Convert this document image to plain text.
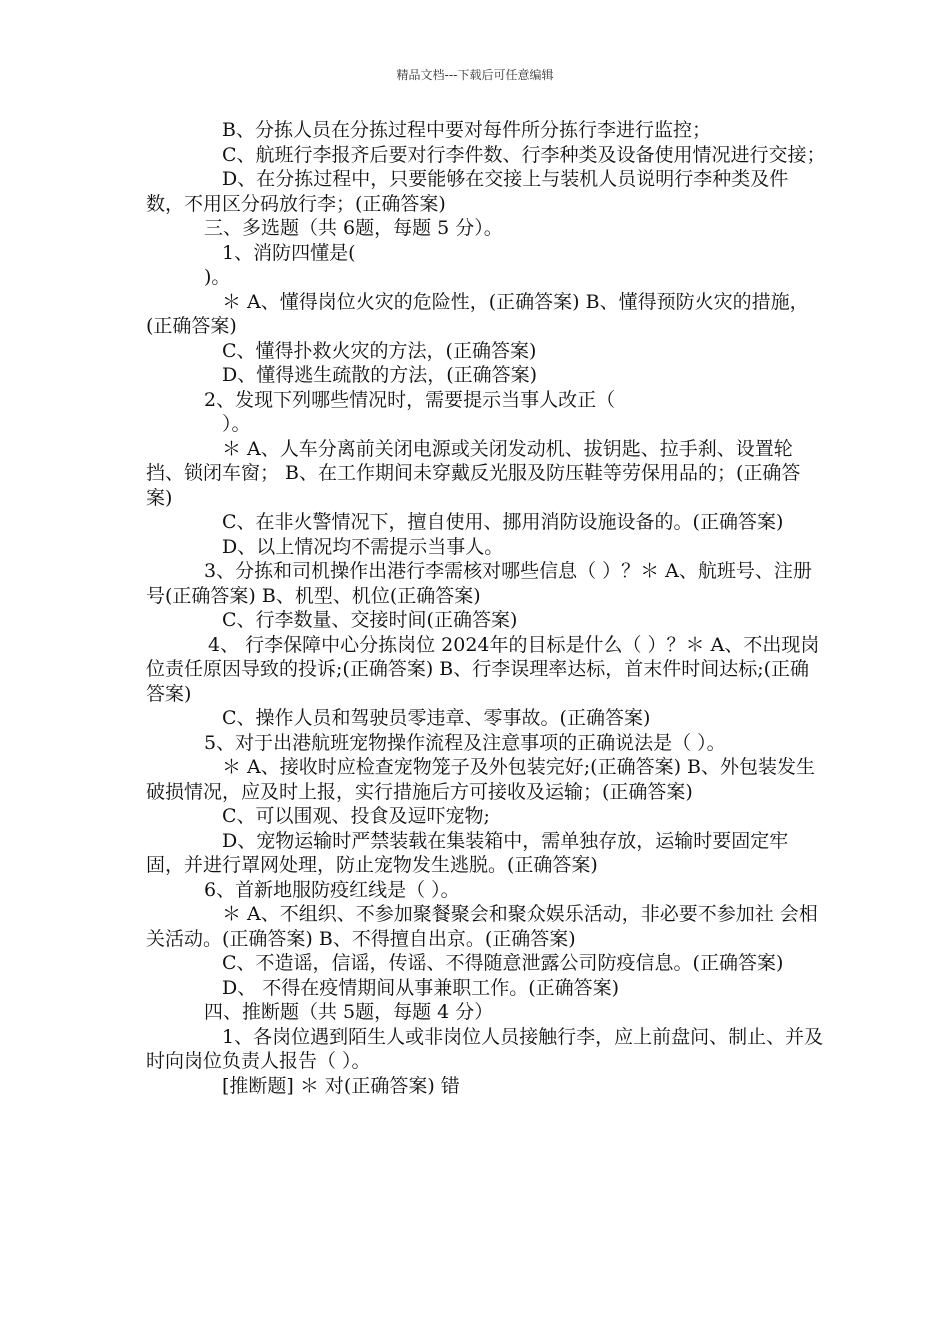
精品文档---下载后可任意编辑

B、分拣人员在分拣过程中要对每件所分拣行李进行监控；

C、航班行李报齐后要对行李件数、行李种类及设备使用情况进行交接；

D、在分拣过程中，只要能够在交接上与装机人员说明行李种类及件数，不用区分码放行李；(正确答案)

三、多选题（共 6题，每题 5 分）。

1、消防四懂是(

)。

＊ A、懂得岗位火灾的危险性，(正确答案) B、懂得预防火灾的措施，(正确答案)

C、懂得扑救火灾的方法，(正确答案)

D、懂得逃生疏散的方法，(正确答案)

2、发现下列哪些情况时，需要提示当事人改正（

）。

＊ A、人车分离前关闭电源或关闭发动机、拔钥匙、拉手刹、设置轮挡、锁闭车窗； B、在工作期间未穿戴反光服及防压鞋等劳保用品的；(正确答案)

C、在非火警情况下，擅自使用、挪用消防设施设备的。(正确答案)

D、以上情况均不需提示当事人。

3、分拣和司机操作出港行李需核对哪些信息（ ）？＊ A、航班号、注册号(正确答案) B、机型、机位(正确答案)

C、行李数量、交接时间(正确答案)

4、 行李保障中心分拣岗位 2024年的目标是什么（ ）？＊ A、不出现岗位责任原因导致的投诉;(正确答案) B、行李误理率达标，首末件时间达标;(正确答案)

C、操作人员和驾驶员零违章、零事故。(正确答案)

5、对于出港航班宠物操作流程及注意事项的正确说法是（ ）。

＊ A、接收时应检查宠物笼子及外包装完好;(正确答案) B、外包装发生破损情况，应及时上报，实行措施后方可接收及运输；(正确答案)

C、可以围观、投食及逗吓宠物;

D、宠物运输时严禁装载在集装箱中，需单独存放，运输时要固定牢固，并进行罩网处理，防止宠物发生逃脱。(正确答案)

6、首新地服防疫红线是（ ）。

＊ A、不组织、不参加聚餐聚会和聚众娱乐活动，非必要不参加社 会相关活动。(正确答案) B、不得擅自出京。(正确答案)

C、不造谣，信谣，传谣、不得随意泄露公司防疫信息。(正确答案)

D、 不得在疫情期间从事兼职工作。(正确答案)

四、推断题（共 5题，每题 4 分）

1、各岗位遇到陌生人或非岗位人员接触行李，应上前盘问、制止、并及时向岗位负责人报告（ ）。

[推断题] ＊ 对(正确答案) 错
